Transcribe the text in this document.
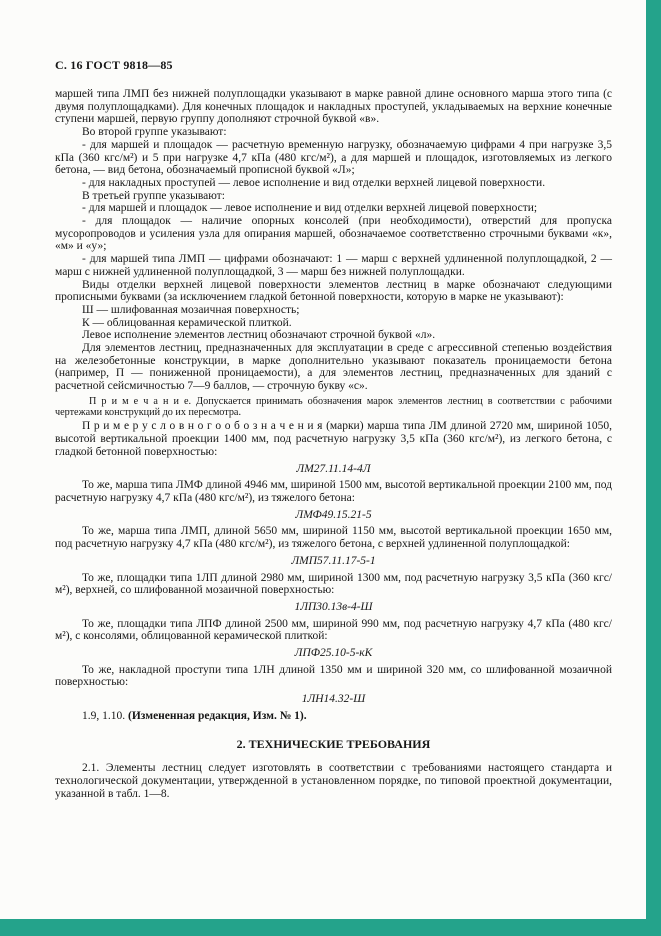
С. 16 ГОСТ 9818—85
маршей типа ЛМП без нижней полуплощадки указывают в марке равной длине основного марша этого типа (с двумя полуплощадками). Для конечных площадок и накладных проступей, укладываемых на верхние конечные ступени маршей, первую группу дополняют строчной буквой «в».
Во второй группе указывают:
- для маршей и площадок — расчетную временную нагрузку, обозначаемую цифрами 4 при нагрузке 3,5 кПа (360 кгс/м²) и 5 при нагрузке 4,7 кПа (480 кгс/м²), а для маршей и площадок, изготовляемых из легкого бетона, — вид бетона, обозначаемый прописной буквой «Л»;
- для накладных проступей — левое исполнение и вид отделки верхней лицевой поверхности.
В третьей группе указывают:
- для маршей и площадок — левое исполнение и вид отделки верхней лицевой поверхности;
- для площадок — наличие опорных консолей (при необходимости), отверстий для пропуска мусоропроводов и усиления узла для опирания маршей, обозначаемое соответственно строчными буквами «к», «м» и «у»;
- для маршей типа ЛМП — цифрами обозначают: 1 — марш с верхней удлиненной полуплощадкой, 2 — марш с нижней удлиненной полуплощадкой, 3 — марш без нижней полуплощадки.
Виды отделки верхней лицевой поверхности элементов лестниц в марке обозначают следующими прописными буквами (за исключением гладкой бетонной поверхности, которую в марке не указывают):
Ш — шлифованная мозаичная поверхность;
К — облицованная керамической плиткой.
Левое исполнение элементов лестниц обозначают строчной буквой «л».
Для элементов лестниц, предназначенных для эксплуатации в среде с агрессивной степенью воздействия на железобетонные конструкции, в марке дополнительно указывают показатель проницаемости бетона (например, П — пониженной проницаемости), а для элементов лестниц, предназначенных для зданий с расчетной сейсмичностью 7—9 баллов, — строчную букву «с».
П р и м е ч а н и е. Допускается принимать обозначения марок элементов лестниц в соответствии с рабочими чертежами конструкций до их пересмотра.
П р и м е р у с л о в н о г о о б о з н а ч е н и я (марки) марша типа ЛМ длиной 2720 мм, шириной 1050, высотой вертикальной проекции 1400 мм, под расчетную нагрузку 3,5 кПа (360 кгс/м²), из легкого бетона, с гладкой бетонной поверхностью:
ЛМ27.11.14-4Л
То же, марша типа ЛМФ длиной 4946 мм, шириной 1500 мм, высотой вертикальной проекции 2100 мм, под расчетную нагрузку 4,7 кПа (480 кгс/м²), из тяжелого бетона:
ЛМФ49.15.21-5
То же, марша типа ЛМП, длиной 5650 мм, шириной 1150 мм, высотой вертикальной проекции 1650 мм, под расчетную нагрузку 4,7 кПа (480 кгс/м²), из тяжелого бетона, с верхней удлиненной полуплощадкой:
ЛМП57.11.17-5-1
То же, площадки типа 1ЛП длиной 2980 мм, шириной 1300 мм, под расчетную нагрузку 3,5 кПа (360 кгс/м²), верхней, со шлифованной мозаичной поверхностью:
1ЛП30.13в-4-Ш
То же, площадки типа ЛПФ длиной 2500 мм, шириной 990 мм, под расчетную нагрузку 4,7 кПа (480 кгс/м²), с консолями, облицованной керамической плиткой:
ЛПФ25.10-5-кК
То же, накладной проступи типа 1ЛН длиной 1350 мм и шириной 320 мм, со шлифованной мозаичной поверхностью:
1ЛН14.32-Ш
1.9, 1.10. (Измененная редакция, Изм. № 1).
2. ТЕХНИЧЕСКИЕ ТРЕБОВАНИЯ
2.1. Элементы лестниц следует изготовлять в соответствии с требованиями настоящего стандарта и технологической документации, утвержденной в установленном порядке, по типовой проектной документации, указанной в табл. 1—8.
